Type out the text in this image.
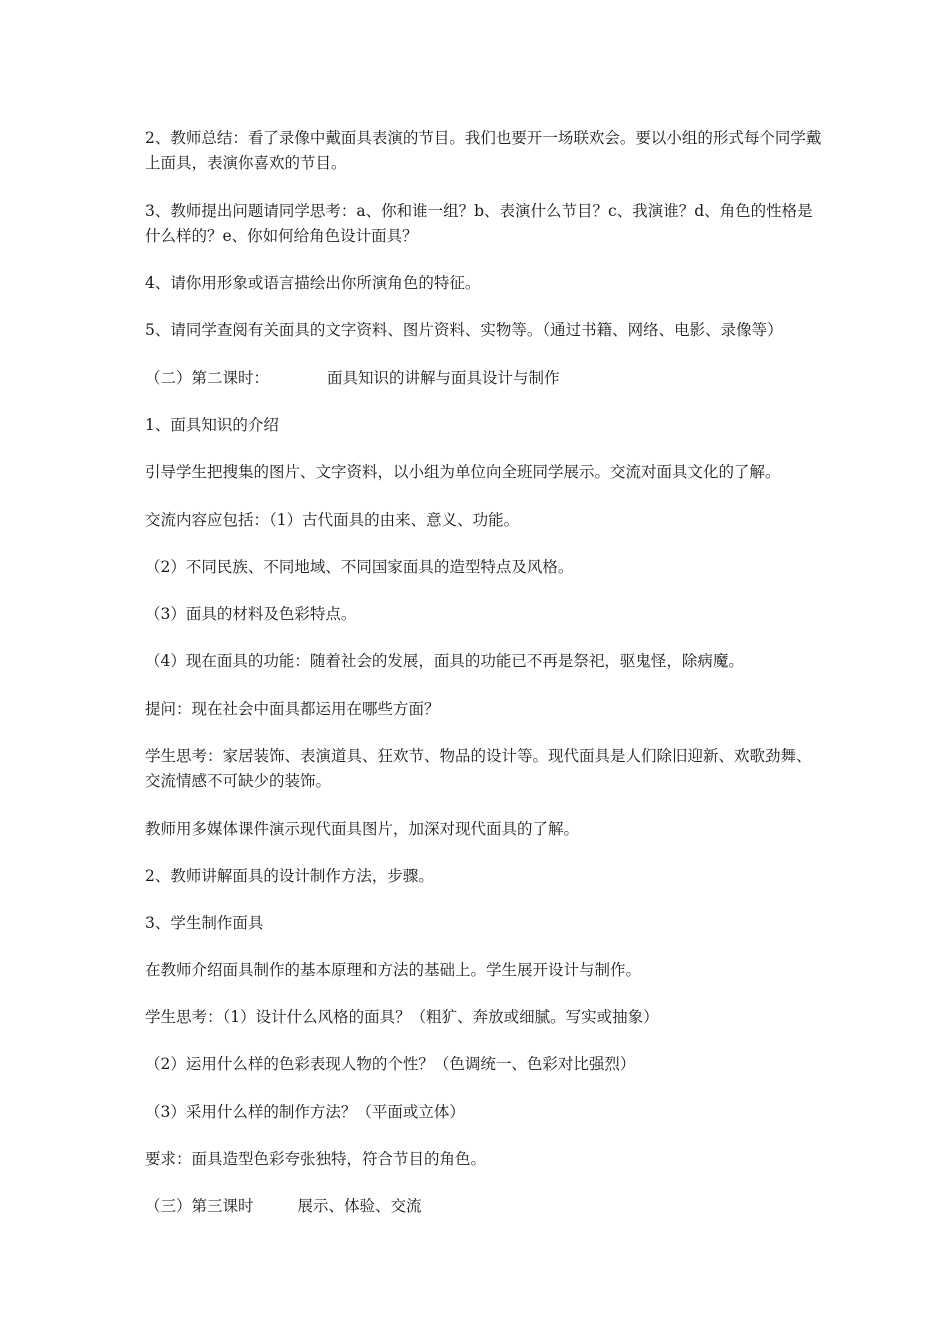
2、教师总结：看了录像中戴面具表演的节目。我们也要开一场联欢会。要以小组的形式每个同学戴上面具，表演你喜欢的节目。

3、教师提出问题请同学思考：a、你和谁一组？b、表演什么节目？c、我演谁？d、角色的性格是什么样的？e、你如何给角色设计面具？

4、请你用形象或语言描绘出你所演角色的特征。

5、请同学查阅有关面具的文字资料、图片资料、实物等。（通过书籍、网络、电影、录像等）

（二）第二课时：	面具知识的讲解与面具设计与制作

1、面具知识的介绍

引导学生把搜集的图片、文字资料，以小组为单位向全班同学展示。交流对面具文化的了解。

交流内容应包括：（1）古代面具的由来、意义、功能。

（2）不同民族、不同地域、不同国家面具的造型特点及风格。

（3）面具的材料及色彩特点。

（4）现在面具的功能：随着社会的发展，面具的功能已不再是祭祀，驱鬼怪，除病魔。

提问：现在社会中面具都运用在哪些方面？

学生思考：家居装饰、表演道具、狂欢节、物品的设计等。现代面具是人们除旧迎新、欢歌劲舞、交流情感不可缺少的装饰。

教师用多媒体课件演示现代面具图片，加深对现代面具的了解。

2、教师讲解面具的设计制作方法，步骤。

3、学生制作面具

在教师介绍面具制作的基本原理和方法的基础上。学生展开设计与制作。

学生思考：（1）设计什么风格的面具？（粗犷、奔放或细腻。写实或抽象）

（2）运用什么样的色彩表现人物的个性？（色调统一、色彩对比强烈）

（3）采用什么样的制作方法？（平面或立体）

要求：面具造型色彩夸张独特，符合节目的角色。

（三）第三课时	展示、体验、交流
